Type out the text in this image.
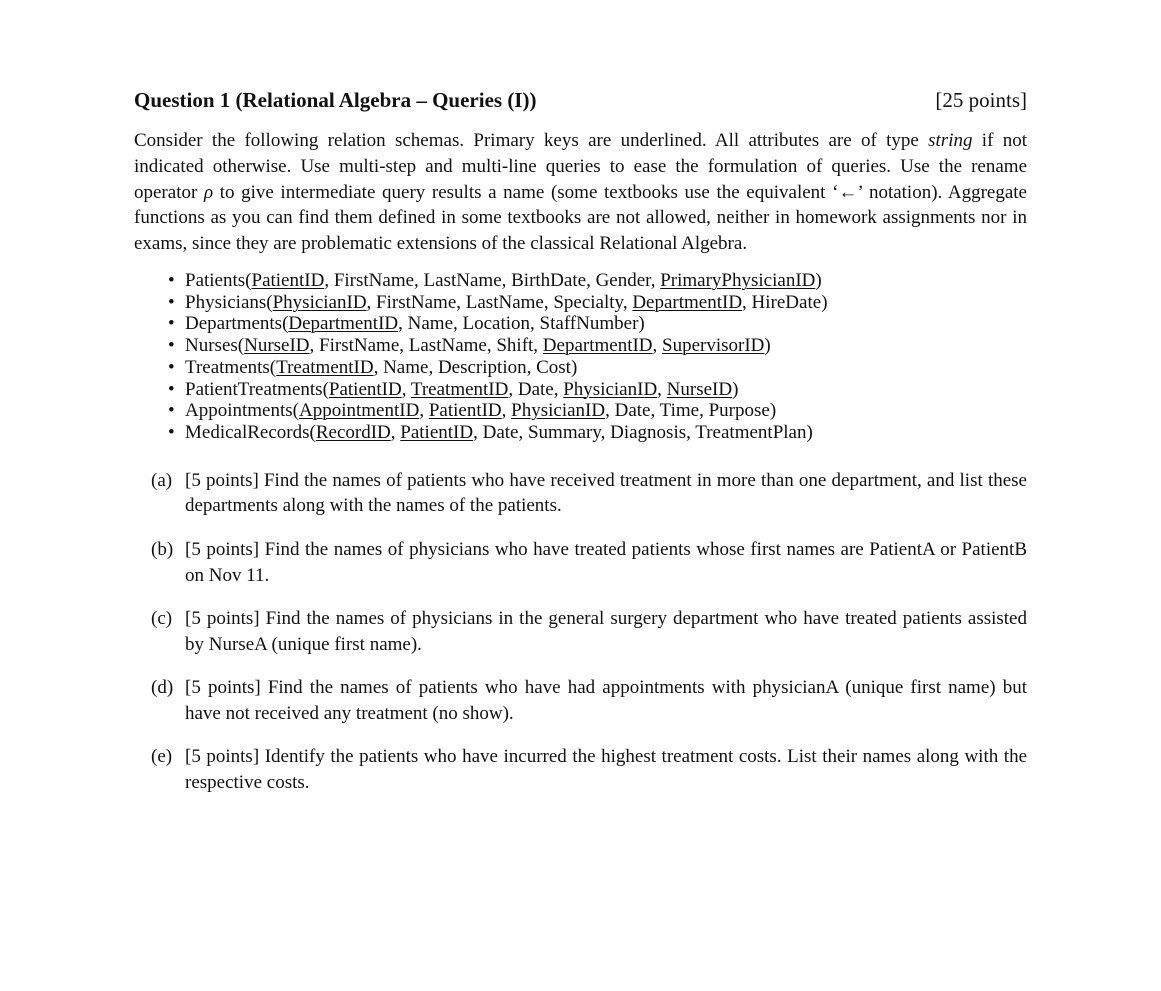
Question 1 (Relational Algebra – Queries (I))	[25 points]

Consider the following relation schemas. Primary keys are underlined. All attributes are of type string if not indicated otherwise. Use multi-step and multi-line queries to ease the formulation of queries. Use the rename operator ρ to give intermediate query results a name (some textbooks use the equivalent ‘←’ notation). Aggregate functions as you can find them defined in some textbooks are not allowed, neither in homework assignments nor in exams, since they are problematic extensions of the classical Relational Algebra.

• Patients(PatientID, FirstName, LastName, BirthDate, Gender, PrimaryPhysicianID)
• Physicians(PhysicianID, FirstName, LastName, Specialty, DepartmentID, HireDate)
• Departments(DepartmentID, Name, Location, StaffNumber)
• Nurses(NurseID, FirstName, LastName, Shift, DepartmentID, SupervisorID)
• Treatments(TreatmentID, Name, Description, Cost)
• PatientTreatments(PatientID, TreatmentID, Date, PhysicianID, NurseID)
• Appointments(AppointmentID, PatientID, PhysicianID, Date, Time, Purpose)
• MedicalRecords(RecordID, PatientID, Date, Summary, Diagnosis, TreatmentPlan)
(a) [5 points] Find the names of patients who have received treatment in more than one department, and list these departments along with the names of the patients.
(b) [5 points] Find the names of physicians who have treated patients whose first names are PatientA or PatientB on Nov 11.
(c) [5 points] Find the names of physicians in the general surgery department who have treated patients assisted by NurseA (unique first name).
(d) [5 points] Find the names of patients who have had appointments with physicianA (unique first name) but have not received any treatment (no show).
(e) [5 points] Identify the patients who have incurred the highest treatment costs. List their names along with the respective costs.
